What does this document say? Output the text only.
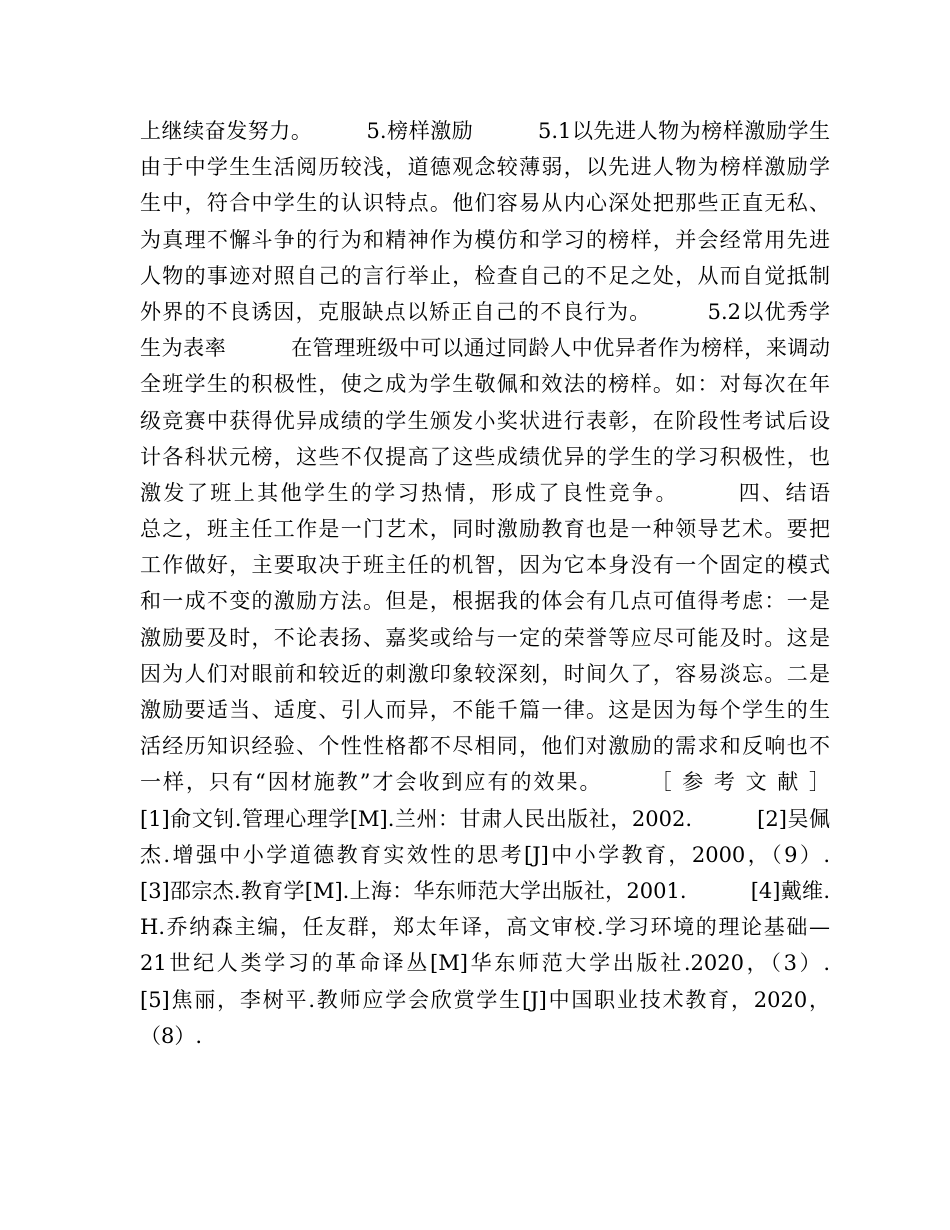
上继续奋发努力。　　　5.榜样激励　　　5.1以先进人物为榜样激励学生
由于中学生生活阅历较浅，道德观念较薄弱，以先进人物为榜样激励学
生中，符合中学生的认识特点。他们容易从内心深处把那些正直无私、
为真理不懈斗争的行为和精神作为模仿和学习的榜样，并会经常用先进
人物的事迹对照自己的言行举止，检查自己的不足之处，从而自觉抵制
外界的不良诱因，克服缺点以矫正自己的不良行为。　　　5.2以优秀学
生为表率　　　在管理班级中可以通过同龄人中优异者作为榜样，来调动
全班学生的积极性，使之成为学生敬佩和效法的榜样。如：对每次在年
级竞赛中获得优异成绩的学生颁发小奖状进行表彰，在阶段性考试后设
计各科状元榜，这些不仅提高了这些成绩优异的学生的学习积极性，也
激发了班上其他学生的学习热情，形成了良性竞争。　　　四、结语
总之，班主任工作是一门艺术，同时激励教育也是一种领导艺术。要把
工作做好，主要取决于班主任的机智，因为它本身没有一个固定的模式
和一成不变的激励方法。但是，根据我的体会有几点可值得考虑：一是
激励要及时，不论表扬、嘉奖或给与一定的荣誉等应尽可能及时。这是
因为人们对眼前和较近的刺激印象较深刻，时间久了，容易淡忘。二是
激励要适当、适度、引人而异，不能千篇一律。这是因为每个学生的生
活经历知识经验、个性性格都不尽相同，他们对激励的需求和反响也不
一样，只有“因材施教”才会收到应有的效果。　　　［ 参 考 文 献 ］
[1]俞文钊.管理心理学[M].兰州：甘肃人民出版社，2002.　　　[2]吴佩
杰.增强中小学道德教育实效性的思考[J]中小学教育，2000，（9）.
[3]邵宗杰.教育学[M].上海：华东师范大学出版社，2001.　　　[4]戴维.
H.乔纳森主编，任友群，郑太年译，高文审校.学习环境的理论基础—
21世纪人类学习的革命译丛[M]华东师范大学出版社.2020，（3）.
[5]焦丽，李树平.教师应学会欣赏学生[J]中国职业技术教育，2020，
（8）.
